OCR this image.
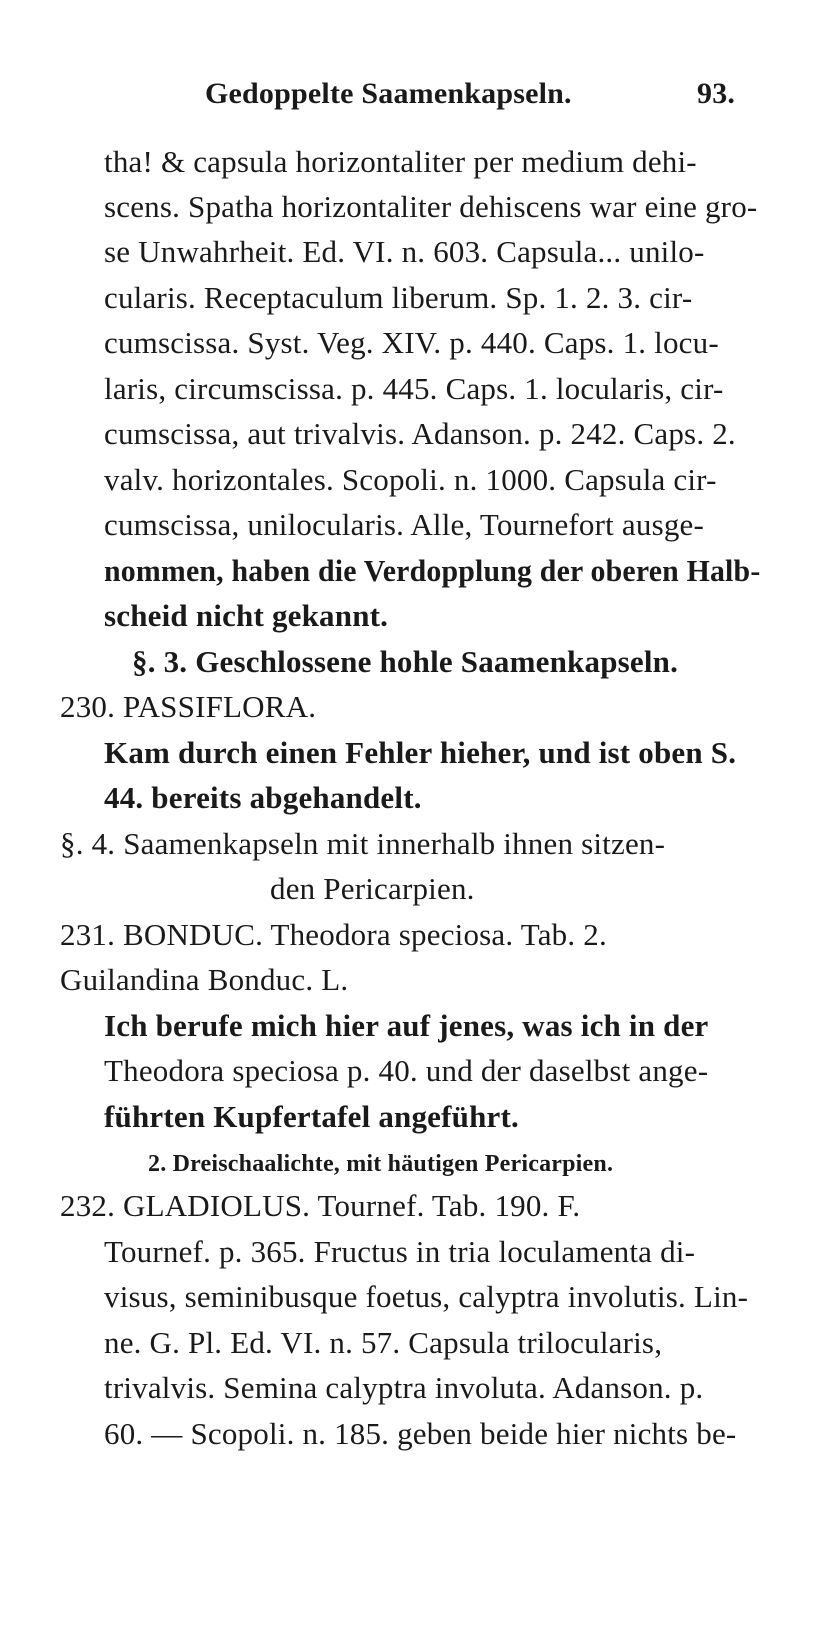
Gedoppelte Saamenkapseln.	93.

tha! & capsula horizontaliter per medium dehi-

scens. Spatha horizontaliter dehiscens war eine gro-

se Unwahrheit. Ed. VI. n. 603. Capsula... unilo-

cularis. Receptaculum liberum. Sp. 1. 2. 3. cir-

cumscissa. Syst. Veg. XIV. p. 440. Caps. 1. locu-

laris, circumscissa. p. 445. Caps. 1. locularis, cir-

cumscissa, aut trivalvis. Adanson. p. 242. Caps. 2.

valv. horizontales. Scopoli. n. 1000. Capsula cir-

cumscissa, unilocularis. Alle, Tournefort ausge-

nommen, haben die Verdopplung der oberen Halb-

scheid nicht gekannt.

§. 3. Geschlossene hohle Saamenkapseln.

230. PASSIFLORA.

Kam durch einen Fehler hieher, und ist oben S.

44. bereits abgehandelt.

§. 4. Saamenkapseln mit innerhalb ihnen sitzen-

den Pericarpien.

231. BONDUC. Theodora speciosa. Tab. 2.

Guilandina Bonduc. L.

Ich berufe mich hier auf jenes, was ich in der

Theodora speciosa p. 40. und der daselbst ange-

führten Kupfertafel angeführt.

2. Dreischaalichte, mit häutigen Pericarpien.

232. GLADIOLUS. Tournef. Tab. 190. F.

Tournef. p. 365. Fructus in tria loculamenta di-

visus, seminibusque foetus, calyptra involutis. Lin-

ne. G. Pl. Ed. VI. n. 57. Capsula trilocularis,

trivalvis. Semina calyptra involuta. Adanson. p.

60. — Scopoli. n. 185. geben beide hier nichts be-
